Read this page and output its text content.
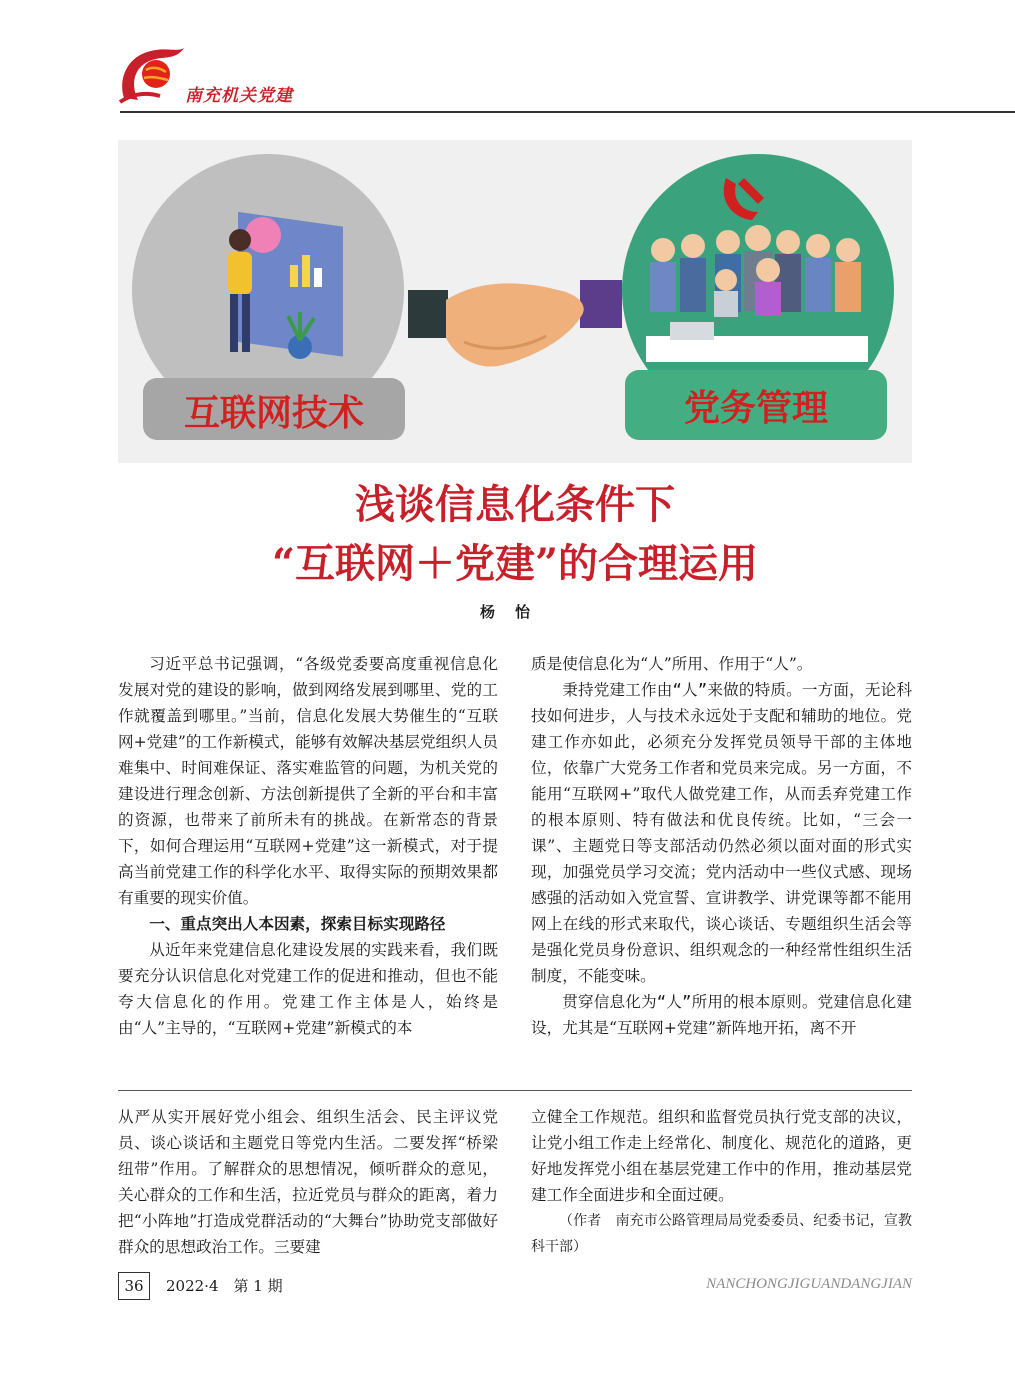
南充机关党建
互联网技术	党务管理
浅谈信息化条件下
“互联网＋党建”的合理运用
杨怡

习近平总书记强调，“各级党委要高度重视信息化发展对党的建设的影响，做到网络发展到哪里、党的工作就覆盖到哪里。”当前，信息化发展大势催生的“互联网+党建”的工作新模式，能够有效解决基层党组织人员难集中、时间难保证、落实难监管的问题，为机关党的建设进行理念创新、方法创新提供了全新的平台和丰富的资源，也带来了前所未有的挑战。在新常态的背景下，如何合理运用“互联网+党建”这一新模式，对于提高当前党建工作的科学化水平、取得实际的预期效果都有重要的现实价值。

一、重点突出人本因素，探索目标实现路径

从近年来党建信息化建设发展的实践来看，我们既要充分认识信息化对党建工作的促进和推动，但也不能夸大信息化的作用。党建工作主体是人，始终是由“人”主导的，“互联网+党建”新模式的本

质是使信息化为“人”所用、作用于“人”。

秉持党建工作由“人”来做的特质。一方面，无论科技如何进步，人与技术永远处于支配和辅助的地位。党建工作亦如此，必须充分发挥党员领导干部的主体地位，依靠广大党务工作者和党员来完成。另一方面，不能用“互联网+”取代人做党建工作，从而丢弃党建工作的根本原则、特有做法和优良传统。比如，“三会一课”、主题党日等支部活动仍然必须以面对面的形式实现，加强党员学习交流；党内活动中一些仪式感、现场感强的活动如入党宣誓、宣讲教学、讲党课等都不能用网上在线的形式来取代，谈心谈话、专题组织生活会等是强化党员身份意识、组织观念的一种经常性组织生活制度，不能变味。

贯穿信息化为“人”所用的根本原则。党建信息化建设，尤其是“互联网+党建”新阵地开拓，离不开

从严从实开展好党小组会、组织生活会、民主评议党员、谈心谈话和主题党日等党内生活。二要发挥“桥梁纽带”作用。了解群众的思想情况，倾听群众的意见，关心群众的工作和生活，拉近党员与群众的距离，着力把“小阵地”打造成党群活动的“大舞台”协助党支部做好群众的思想政治工作。三要建

立健全工作规范。组织和监督党员执行党支部的决议，让党小组工作走上经常化、制度化、规范化的道路，更好地发挥党小组在基层党建工作中的作用，推动基层党建工作全面进步和全面过硬。

（作者　南充市公路管理局局党委委员、纪委书记，宣教科干部）

36	2022·4　第 1 期	NANCHONGJIGUANDANGJIAN
